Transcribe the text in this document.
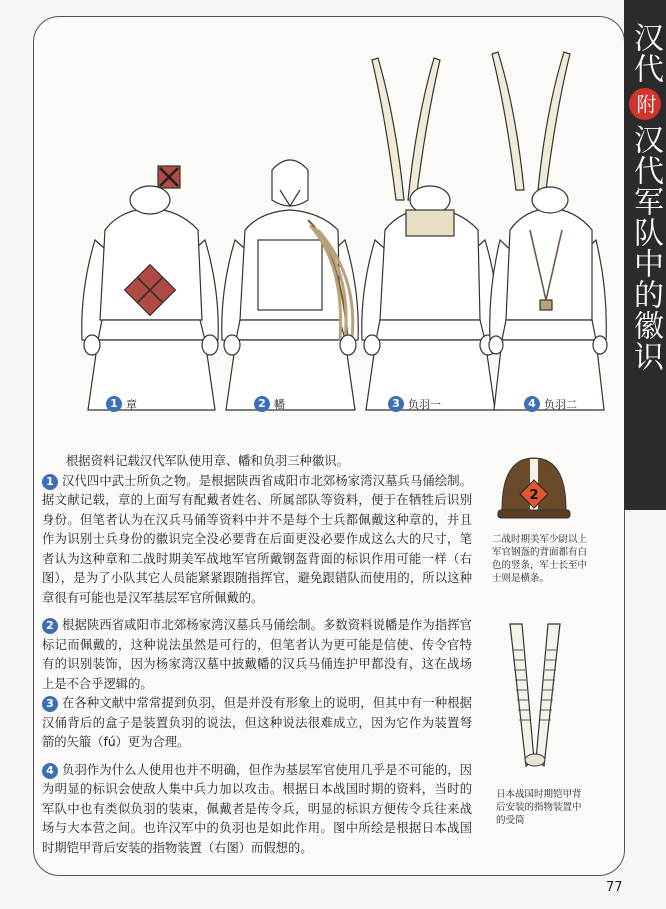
汉代附汉代军队中的徽识
1 章	2 幡	3 负羽一	4 负羽二
2
二战时期美军少尉以上军官钢盔的背面都有白色的竖条，军士长至中士则是横条。
日本战国时期铠甲背后安装的指物装置中的受筒

根据资料记载汉代军队使用章、幡和负羽三种徽识。

1 汉代四中武士所负之物。是根据陕西省咸阳市北郊杨家湾汉墓兵马俑绘制。据文献记载，章的上面写有配戴者姓名、所属部队等资料，便于在牺牲后识别身份。但笔者认为在汉兵马俑等资料中并不是每个士兵都佩戴这种章的，并且作为识别士兵身份的徽识完全没必要背在后面更没必要作成这么大的尺寸，笔者认为这种章和二战时期美军战地军官所戴钢盔背面的标识作用可能一样（右图），是为了小队其它人员能紧紧跟随指挥官，避免跟错队而使用的，所以这种章很有可能也是汉军基层军官所佩戴的。

2 根据陕西省咸阳市北郊杨家湾汉墓兵马俑绘制。多数资料说幡是作为指挥官标记而佩戴的，这种说法虽然是可行的，但笔者认为更可能是信使、传令官特有的识别装饰，因为杨家湾汉墓中披戴幡的汉兵马俑连护甲都没有，这在战场上是不合乎逻辑的。

3 在各种文献中常常提到负羽，但是并没有形象上的说明，但其中有一种根据汉俑背后的盒子是装置负羽的说法，但这种说法很难成立，因为它作为装置弩箭的矢箙（fú）更为合理。

4 负羽作为什么人使用也并不明确，但作为基层军官使用几乎是不可能的，因为明显的标识会使敌人集中兵力加以攻击。根据日本战国时期的资料，当时的军队中也有类似负羽的装束，佩戴者是传令兵，明显的标识方便传令兵往来战场与大本营之间。也许汉军中的负羽也是如此作用。图中所绘是根据日本战国时期铠甲背后安装的指物装置（右图）而假想的。

77
